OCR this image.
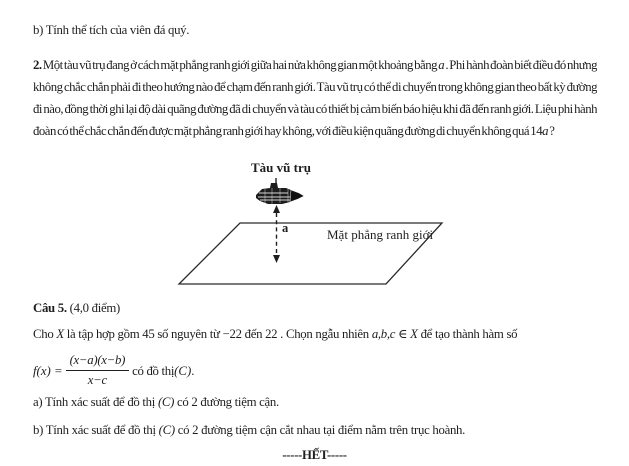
b) Tính thể tích của viên đá quý.

2. Một tàu vũ trụ đang ở cách mặt phẳng ranh giới giữa hai nửa không gian một khoảng bằng a . Phi hành đoàn biết điều đó nhưng không chắc chắn phải đi theo hướng nào để chạm đến ranh giới. Tàu vũ trụ có thể di chuyển trong không gian theo bất kỳ đường đi nào, đồng thời ghi lại độ dài quãng đường đã di chuyển và tàu có thiết bị cảm biến báo hiệu khi đã đến ranh giới. Liệu phi hành đoàn có thể chắc chắn đến được mặt phẳng ranh giới hay không, với điều kiện quãng đường di chuyển không quá 14a ?

Tàu vũ trụ
a	Mặt phẳng ranh giới
Câu 5. (4,0 điểm)
Cho X là tập hợp gồm 45 số nguyên từ −22 đến 22 . Chọn ngẫu nhiên a,b,c ∈ X để tạo thành hàm số
$f(x) = \frac{(x-a)(x-b)}{x-c}$ có đồ thị (C) .
a) Tính xác suất để đồ thị (C) có 2 đường tiệm cận.
b) Tính xác suất để đồ thị (C) có 2 đường tiệm cận cắt nhau tại điểm nằm trên trục hoành.
-----HẾT-----
